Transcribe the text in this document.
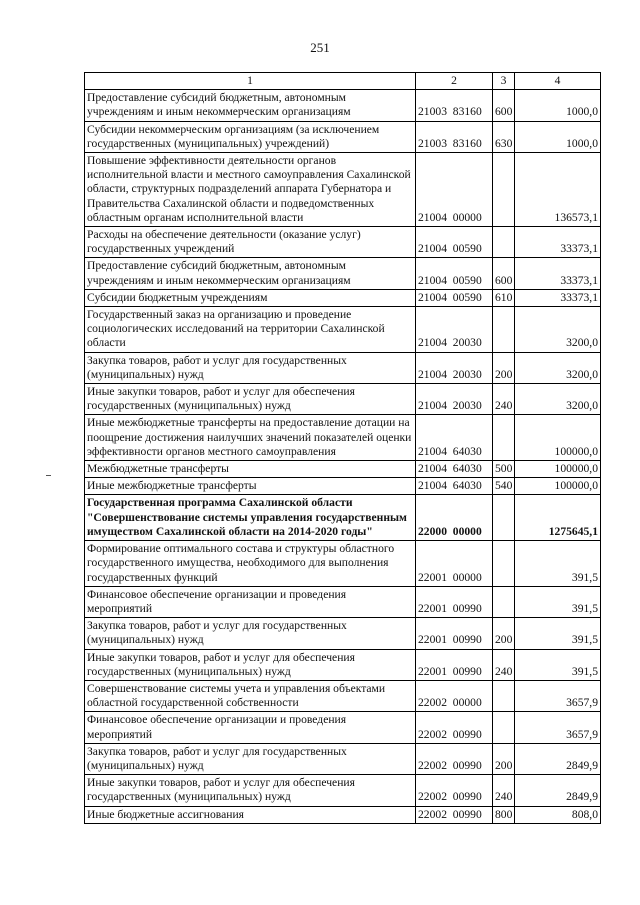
251
1	2	3	4
Предоставление субсидий бюджетным, автономным учреждениям и иным некоммерческим организациям	21003  83160	600	1000,0
Субсидии некоммерческим организациям (за исключением государственных (муниципальных) учреждений)	21003  83160	630	1000,0
Повышение эффективности деятельности органов исполнительной власти и местного самоуправления Сахалинской области, структурных подразделений аппарата Губернатора и Правительства Сахалинской области и подведомственных областным органам исполнительной власти	21004  00000		136573,1
Расходы на обеспечение деятельности (оказание услуг) государственных учреждений	21004  00590		33373,1
Предоставление субсидий бюджетным, автономным учреждениям и иным некоммерческим организациям	21004  00590	600	33373,1
Субсидии бюджетным учреждениям	21004  00590	610	33373,1
Государственный заказ на организацию и проведение социологических исследований на территории Сахалинской области	21004  20030		3200,0
Закупка товаров, работ и услуг для государственных (муниципальных) нужд	21004  20030	200	3200,0
Иные закупки товаров, работ и услуг для обеспечения государственных (муниципальных) нужд	21004  20030	240	3200,0
Иные межбюджетные трансферты на предоставление дотации на поощрение достижения наилучших значений показателей оценки эффективности органов местного самоуправления	21004  64030		100000,0
Межбюджетные трансферты	21004  64030	500	100000,0
Иные межбюджетные трансферты	21004  64030	540	100000,0
Государственная программа Сахалинской области "Совершенствование системы управления государственным имуществом Сахалинской области на 2014-2020 годы"	22000  00000		1275645,1
Формирование оптимального состава и структуры областного государственного имущества, необходимого для выполнения государственных функций	22001  00000		391,5
Финансовое обеспечение организации и проведения мероприятий	22001  00990		391,5
Закупка товаров, работ и услуг для государственных (муниципальных) нужд	22001  00990	200	391,5
Иные закупки товаров, работ и услуг для обеспечения государственных (муниципальных) нужд	22001  00990	240	391,5
Совершенствование системы учета и управления объектами областной государственной собственности	22002  00000		3657,9
Финансовое обеспечение организации и проведения мероприятий	22002  00990		3657,9
Закупка товаров, работ и услуг для государственных (муниципальных) нужд	22002  00990	200	2849,9
Иные закупки товаров, работ и услуг для обеспечения государственных (муниципальных) нужд	22002  00990	240	2849,9
Иные бюджетные ассигнования	22002  00990	800	808,0
